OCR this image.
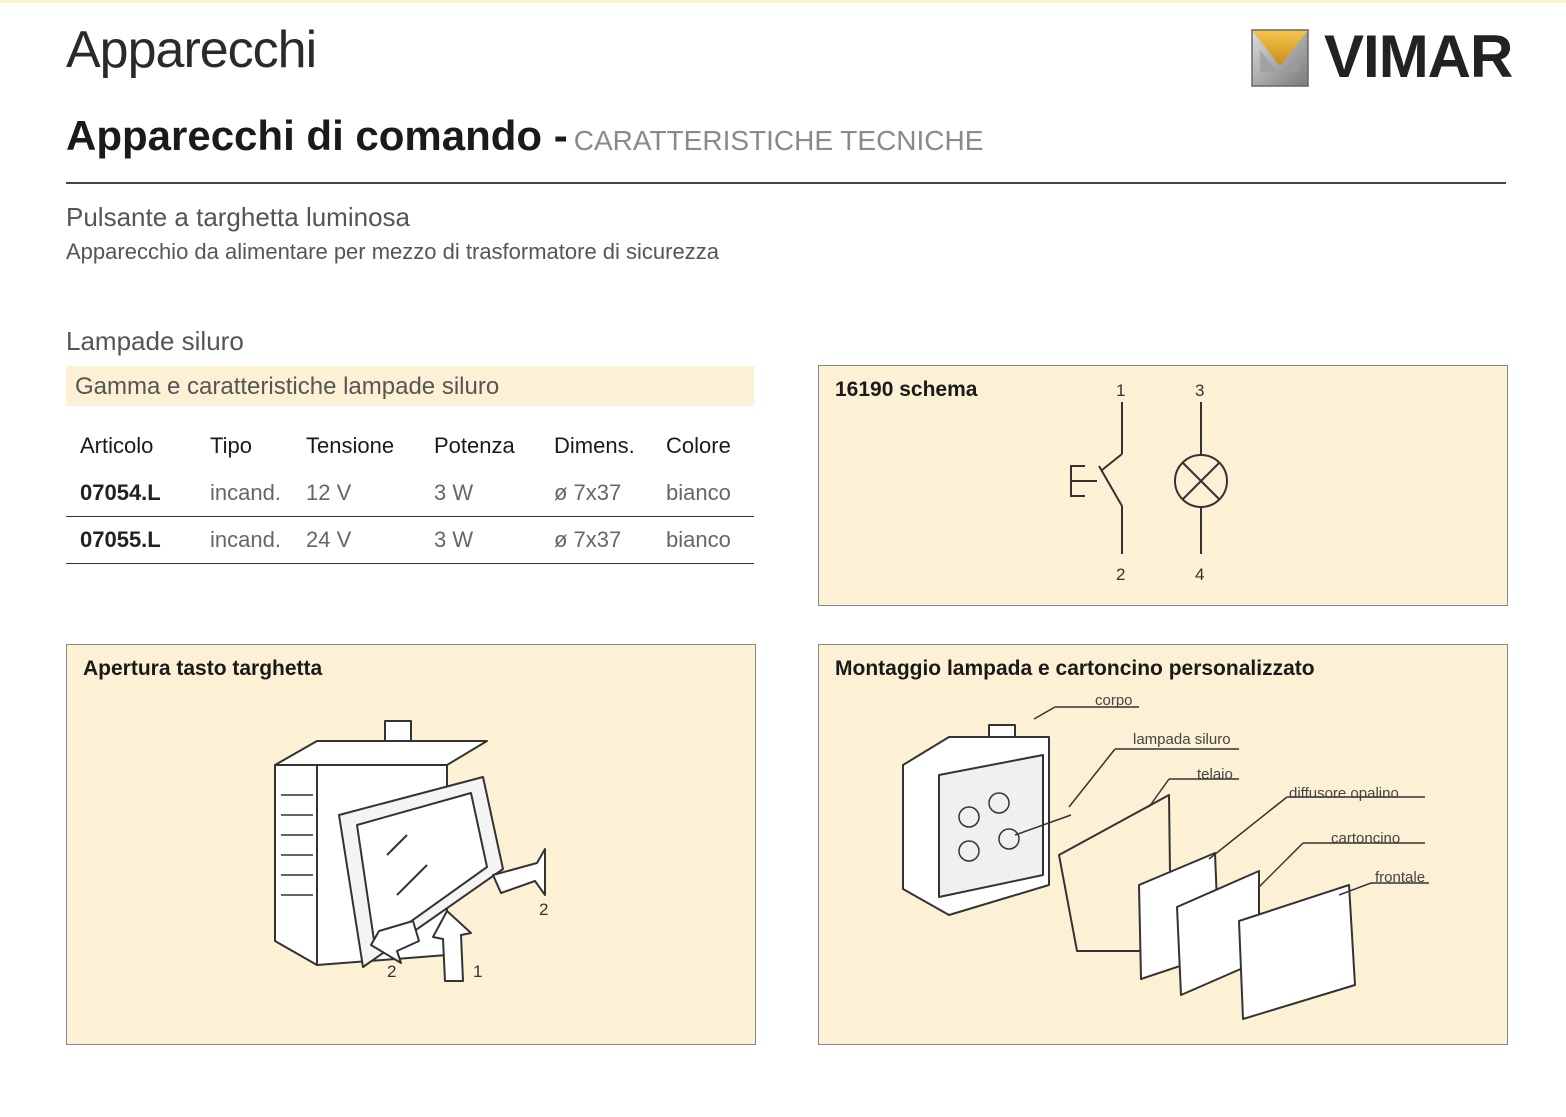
Apparecchi	VIMAR
Apparecchi di comando - CARATTERISTICHE TECNICHE
Pulsante a targhetta luminosa
Apparecchio da alimentare per mezzo di trasformatore di sicurezza
Lampade siluro
Gamma e caratteristiche lampade siluro
Articolo	Tipo	Tensione	Potenza	Dimens.	Colore
07054.L	incand.	12 V	3 W	ø 7x37	bianco
07055.L	incand.	24 V	3 W	ø 7x37	bianco
1
2
3
4
16190 schema
2	1
2
Apertura tasto targhetta
corpo
lampada siluro
telaio
diffusore opalino
cartoncino
frontale
Montaggio lampada e cartoncino personalizzato
